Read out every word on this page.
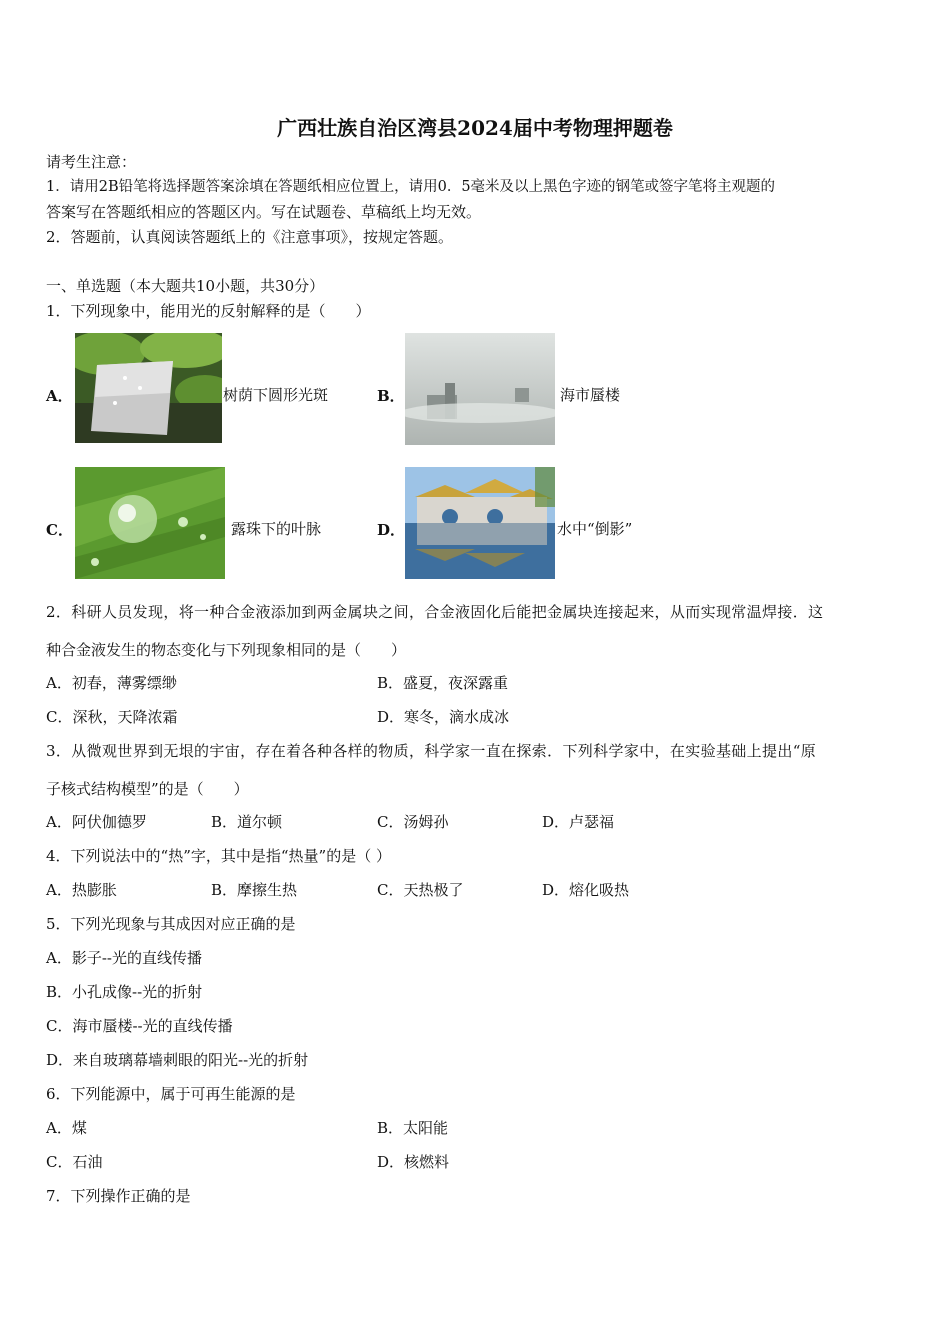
广西壮族自治区湾县2024届中考物理押题卷
请考生注意：
1．请用2B铅笔将选择题答案涂填在答题纸相应位置上，请用0．5毫米及以上黑色字迹的钢笔或签字笔将主观题的
答案写在答题纸相应的答题区内。写在试题卷、草稿纸上均无效。
2．答题前，认真阅读答题纸上的《注意事项》，按规定答题。
一、单选题（本大题共10小题，共30分）
1．下列现象中，能用光的反射解释的是（　　）
A．	树荫下圆形光斑	B．	海市蜃楼
C．	露珠下的叶脉	D．	水中“倒影”
2．科研人员发现，将一种合金液添加到两金属块之间，合金液固化后能把金属块连接起来，从而实现常温焊接．这
种合金液发生的物态变化与下列现象相同的是（　　）
A．初春，薄雾缥缈	B．盛夏，夜深露重
C．深秋，天降浓霜	D．寒冬，滴水成冰
3．从微观世界到无垠的宇宙，存在着各种各样的物质，科学家一直在探索．下列科学家中，在实验基础上提出“原
子核式结构模型”的是（　　）
A．阿伏伽德罗	B．道尔顿	C．汤姆孙	D．卢瑟福
4．下列说法中的“热”字，其中是指“热量”的是（ ）
A．热膨胀	B．摩擦生热	C．天热极了	D．熔化吸热
5．下列光现象与其成因对应正确的是
A．影子--光的直线传播
B．小孔成像--光的折射
C．海市蜃楼--光的直线传播
D．来自玻璃幕墙刺眼的阳光--光的折射
6．下列能源中，属于可再生能源的是
A．煤	B．太阳能
C．石油	D．核燃料
7．下列操作正确的是
